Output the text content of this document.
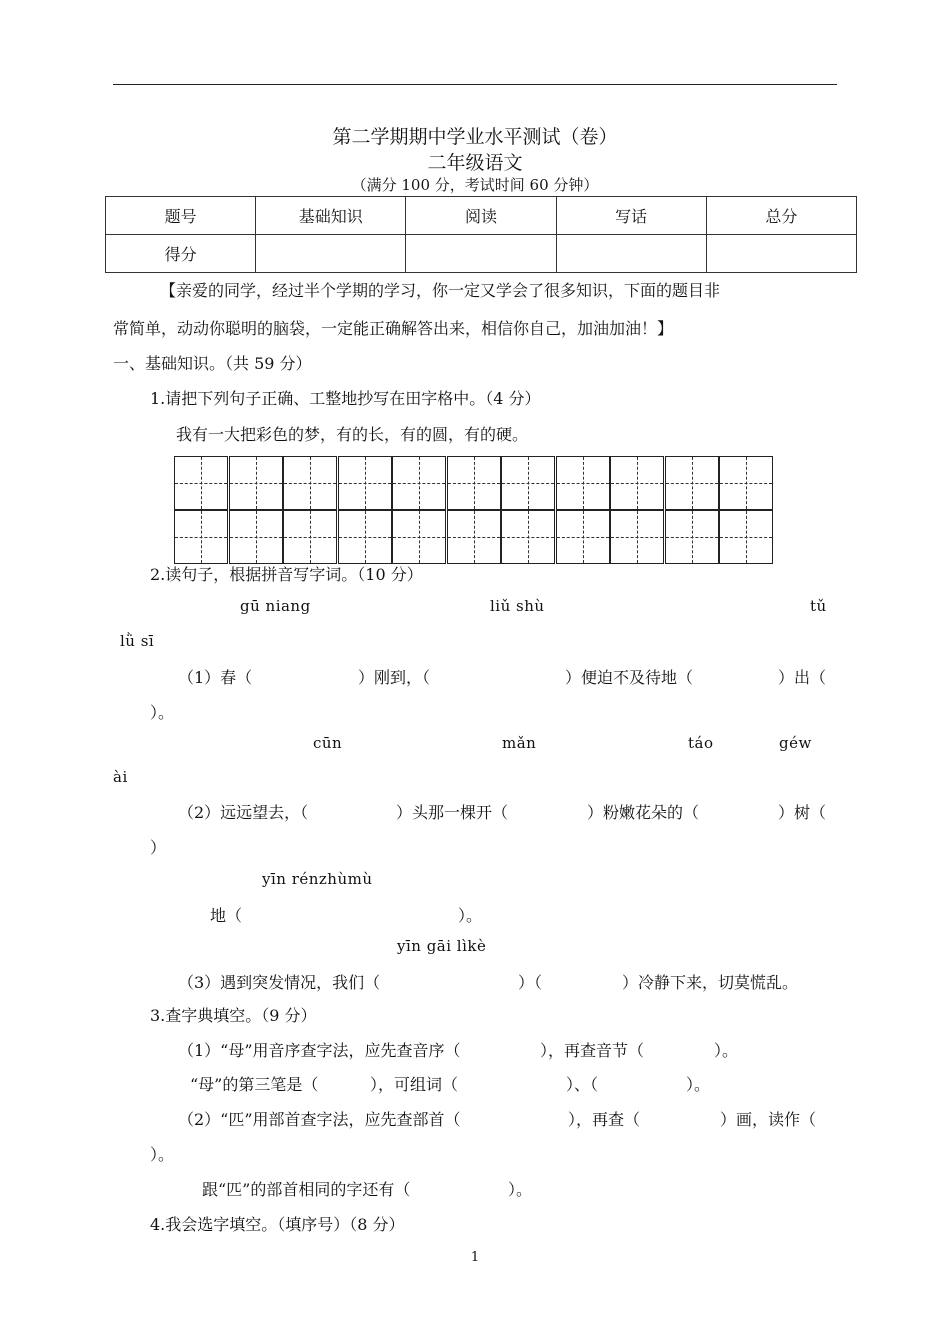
第二学期期中学业水平测试（卷）
二年级语文
（满分 100 分，考试时间 60 分钟）
题号	基础知识	阅读	写话	总分
得分				
【亲爱的同学，经过半个学期的学习，你一定又学会了很多知识，下面的题目非
常简单，动动你聪明的脑袋，一定能正确解答出来，相信你自己，加油加油！】
一、基础知识。（共 59 分）
1.请把下列句子正确、工整地抄写在田字格中。（4 分）
我有一大把彩色的梦，有的长，有的圆，有的硬。
2.读句子，根据拼音写字词。（10 分）
gū niang	liǔ shù	tǔ
lǜ sī
（1）春（	）刚到，（	）便迫不及待地（	）出（
）。
cūn	mǎn	táo	géw
ài
（2）远远望去，（	）头那一棵开（	）粉嫩花朵的（	）树（
）
yīn rénzhùmù
地（	）。
yīn gāi lìkè
（3）遇到突发情况，我们（	）（	）冷静下来，切莫慌乱。
3.查字典填空。（9 分）
（1）“母”用音序查字法，应先查音序（	），再查音节（	）。
“母”的第三笔是（	），可组词（	）、（	）。
（2）“匹”用部首查字法，应先查部首（	），再查（	）画，读作（
）。
跟“匹”的部首相同的字还有（	）。
4.我会选字填空。（填序号）（8 分）
1
